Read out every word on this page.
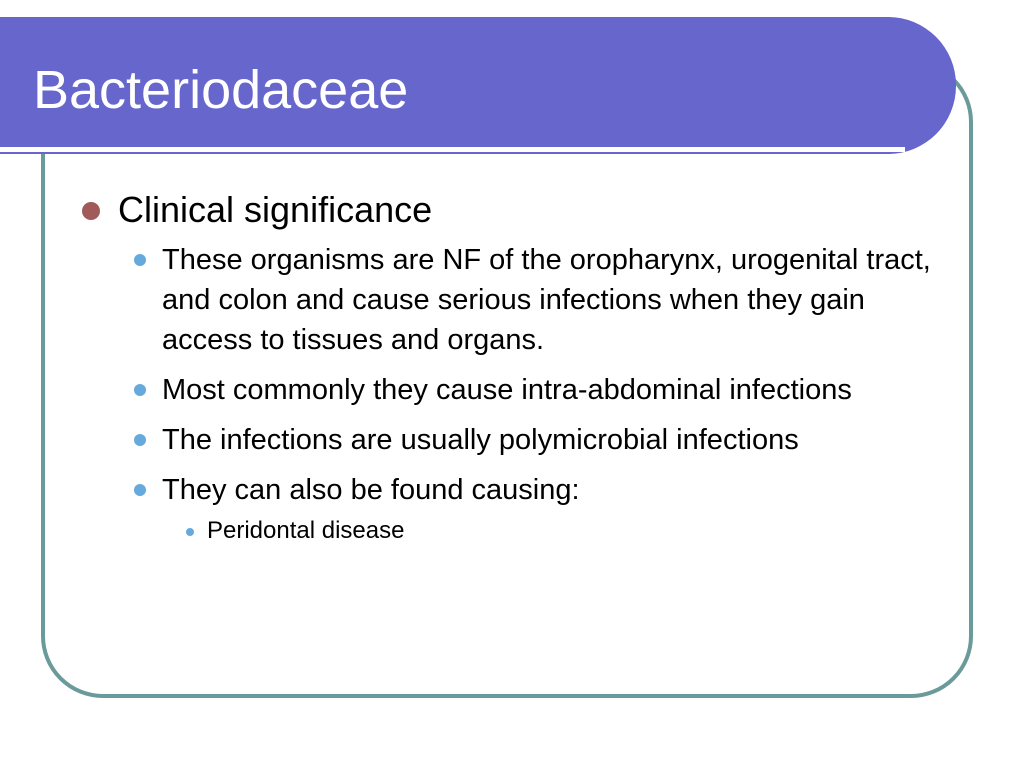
Bacteriodaceae
Clinical significance
These organisms are NF of the oropharynx, urogenital tract, and colon and cause serious infections when they gain access to tissues and organs.
Most commonly they cause intra-abdominal infections
The infections are usually polymicrobial infections
They can also be found causing:
Peridontal disease
